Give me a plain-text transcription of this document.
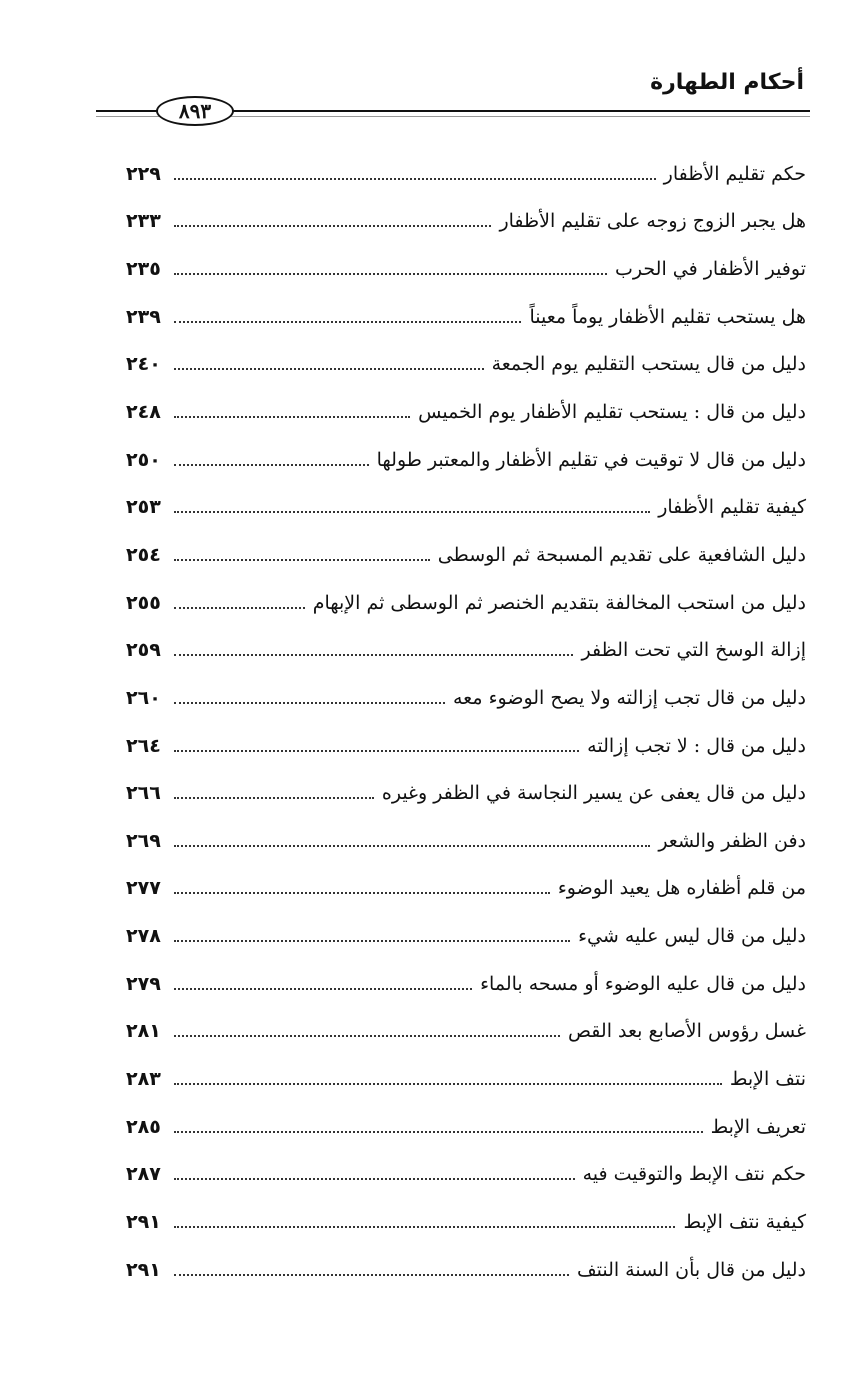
أحكام الطهارة
٨٩٣
حكم تقليم الأظفار
٢٢٩
هل يجبر الزوج زوجه على تقليم الأظفار
٢٣٣
توفير الأظفار في الحرب
٢٣٥
هل يستحب تقليم الأظفار يوماً معيناً
٢٣٩
دليل من قال يستحب التقليم يوم الجمعة
٢٤٠
دليل من قال : يستحب تقليم الأظفار يوم الخميس
٢٤٨
دليل من قال لا توقيت في تقليم الأظفار والمعتبر طولها
٢٥٠
كيفية تقليم الأظفار
٢٥٣
دليل الشافعية على تقديم المسبحة ثم الوسطى
٢٥٤
دليل من استحب المخالفة بتقديم الخنصر ثم الوسطى ثم الإبهام
٢٥٥
إزالة الوسخ التي تحت الظفر
٢٥٩
دليل من قال تجب إزالته ولا يصح الوضوء معه
٢٦٠
دليل من قال : لا تجب إزالته
٢٦٤
دليل من قال يعفى عن يسير النجاسة في الظفر وغيره
٢٦٦
دفن الظفر والشعر
٢٦٩
من قلم أظفاره هل يعيد الوضوء
٢٧٧
دليل من قال ليس عليه شيء
٢٧٨
دليل من قال عليه الوضوء أو مسحه بالماء
٢٧٩
غسل رؤوس الأصابع بعد القص
٢٨١
نتف الإبط
٢٨٣
تعريف الإبط
٢٨٥
حكم نتف الإبط والتوقيت فيه
٢٨٧
كيفية نتف الإبط
٢٩١
دليل من قال بأن السنة النتف
٢٩١
